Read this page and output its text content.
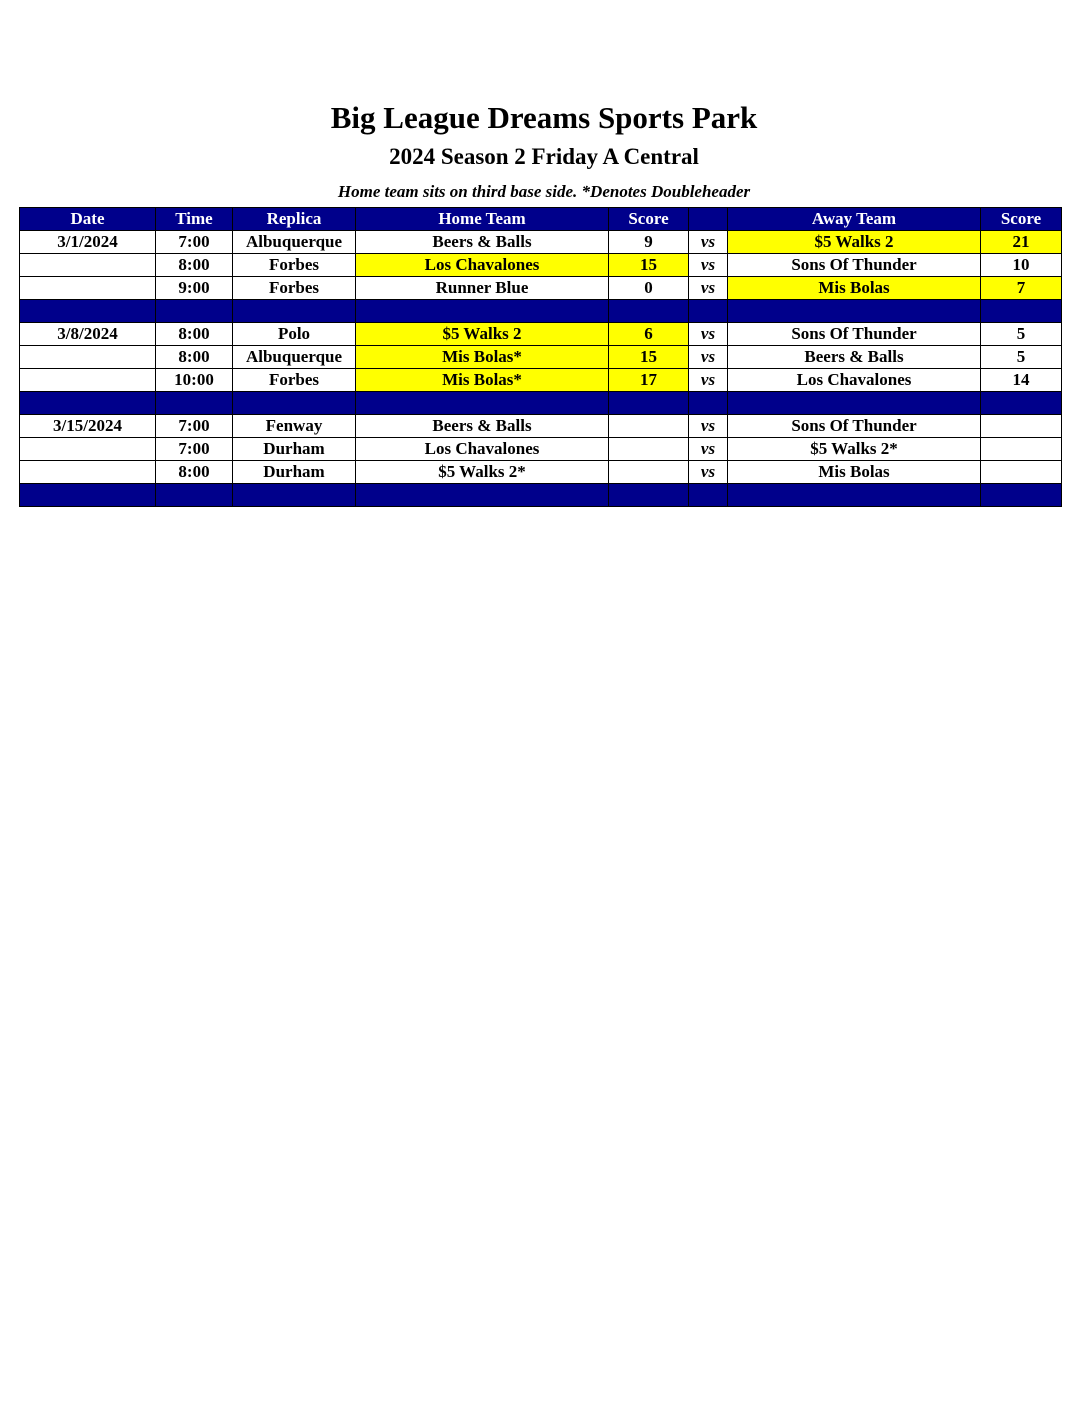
Big League Dreams Sports Park
2024 Season 2 Friday A Central
Home team sits on third base side. *Denotes Doubleheader
Date	Time	Replica	Home Team	Score		Away Team	Score
3/1/2024	7:00	Albuquerque	Beers & Balls	9	vs	$5 Walks 2	21
	8:00	Forbes	Los Chavalones	15	vs	Sons Of Thunder	10
	9:00	Forbes	Runner Blue	0	vs	Mis Bolas	7

3/8/2024	8:00	Polo	$5 Walks 2	6	vs	Sons Of Thunder	5
	8:00	Albuquerque	Mis Bolas*	15	vs	Beers & Balls	5
	10:00	Forbes	Mis Bolas*	17	vs	Los Chavalones	14

3/15/2024	7:00	Fenway	Beers & Balls		vs	Sons Of Thunder	
	7:00	Durham	Los Chavalones		vs	$5 Walks 2*	
	8:00	Durham	$5 Walks 2*		vs	Mis Bolas	
